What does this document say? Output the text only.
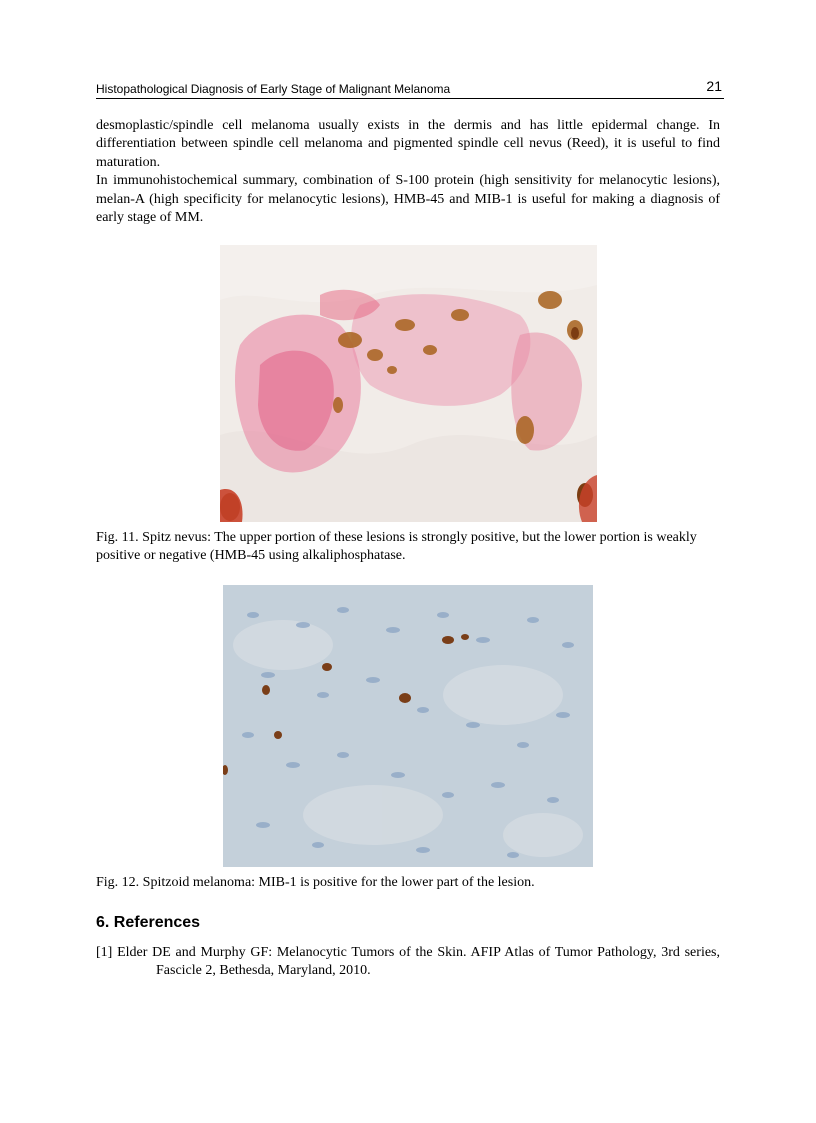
Histopathological Diagnosis of Early Stage of Malignant Melanoma	21

desmoplastic/spindle cell melanoma usually exists in the dermis and has little epidermal change. In differentiation between spindle cell melanoma and pigmented spindle cell nevus (Reed), it is useful to find maturation.

In immunohistochemical summary, combination of S-100 protein (high sensitivity for melanocytic lesions), melan-A (high specificity for melanocytic lesions), HMB-45 and MIB-1 is useful for making a diagnosis of early stage of MM.

Fig. 11. Spitz nevus: The upper portion of these lesions is strongly positive, but the lower portion is weakly positive or negative (HMB-45 using alkaliphosphatase.
Fig. 12. Spitzoid melanoma: MIB-1 is positive for the lower part of the lesion.
6. References
[1] Elder DE and Murphy GF: Melanocytic Tumors of the Skin. AFIP Atlas of Tumor Pathology, 3rd series, Fascicle 2, Bethesda, Maryland, 2010.
